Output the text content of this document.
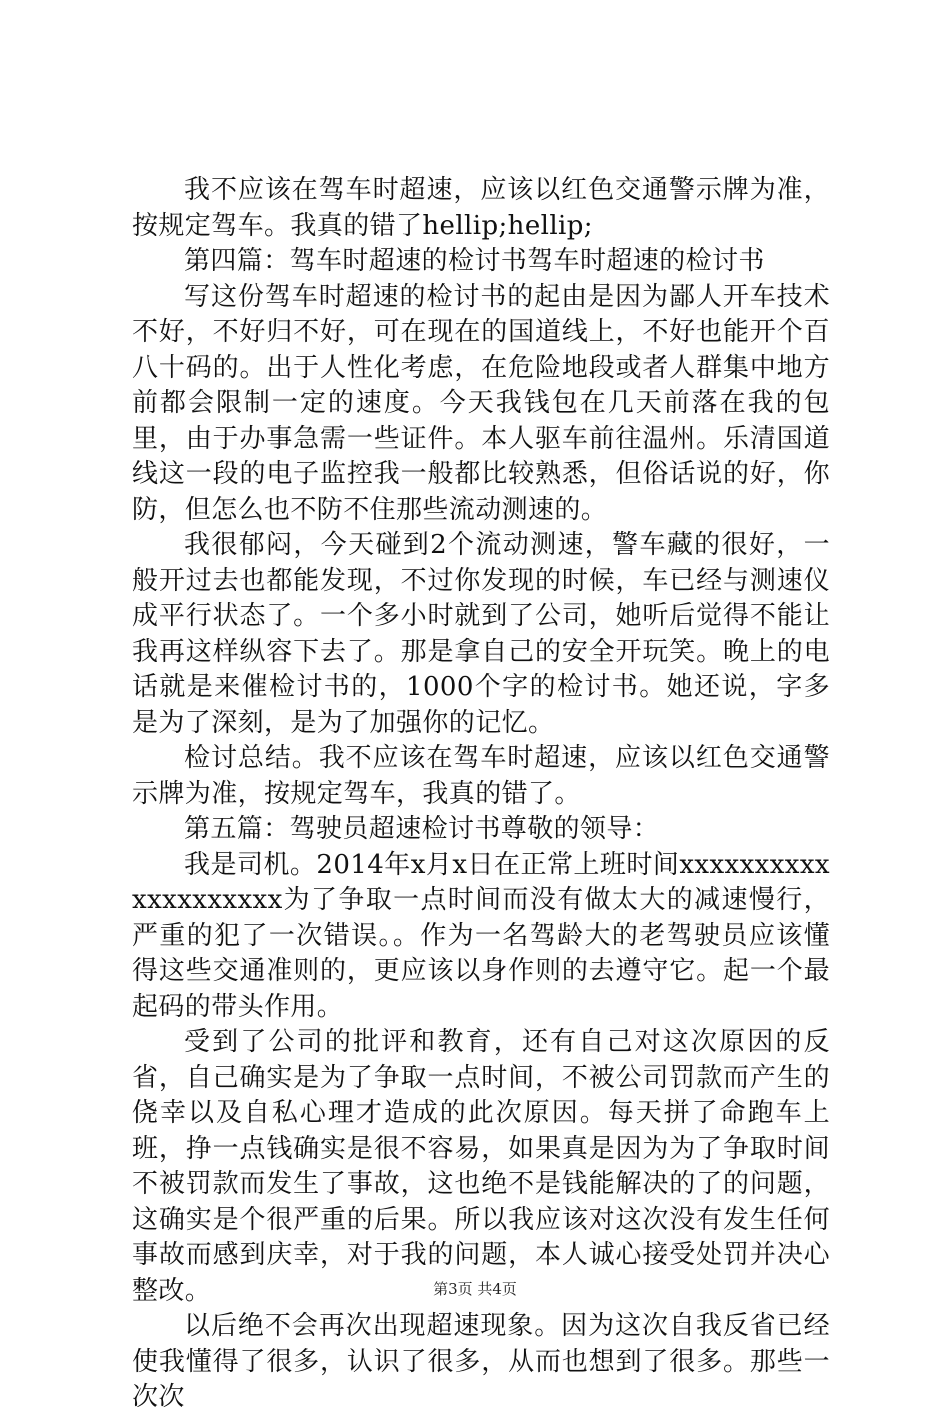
我不应该在驾车时超速，应该以红色交通警示牌为准，按规定驾车。我真的错了hellip;hellip;

第四篇：驾车时超速的检讨书驾车时超速的检讨书

写这份驾车时超速的检讨书的起由是因为鄙人开车技术不好，不好归不好，可在现在的国道线上，不好也能开个百八十码的。出于人性化考虑，在危险地段或者人群集中地方前都会限制一定的速度。今天我钱包在几天前落在我的包里，由于办事急需一些证件。本人驱车前往温州。乐清国道线这一段的电子监控我一般都比较熟悉，但俗话说的好，你防，但怎么也不防不住那些流动测速的。

我很郁闷，今天碰到2个流动测速，警车藏的很好，一般开过去也都能发现，不过你发现的时候，车已经与测速仪成平行状态了。一个多小时就到了公司，她听后觉得不能让我再这样纵容下去了。那是拿自己的安全开玩笑。晚上的电话就是来催检讨书的，1000个字的检讨书。她还说，字多是为了深刻，是为了加强你的记忆。

检讨总结。我不应该在驾车时超速，应该以红色交通警示牌为准，按规定驾车，我真的错了。

第五篇：驾驶员超速检讨书尊敬的领导：

我是司机。2014年x月x日在正常上班时间xxxxxxxxxxxxxxxxxxxx为了争取一点时间而没有做太大的减速慢行，严重的犯了一次错误。。作为一名驾龄大的老驾驶员应该懂得这些交通准则的，更应该以身作则的去遵守它。起一个最起码的带头作用。

受到了公司的批评和教育，还有自己对这次原因的反省，自己确实是为了争取一点时间，不被公司罚款而产生的侥幸以及自私心理才造成的此次原因。每天拼了命跑车上班，挣一点钱确实是很不容易，如果真是因为为了争取时间不被罚款而发生了事故，这也绝不是钱能解决的了的问题，这确实是个很严重的后果。所以我应该对这次没有发生任何事故而感到庆幸，对于我的问题，本人诚心接受处罚并决心整改。

以后绝不会再次出现超速现象。因为这次自我反省已经使我懂得了很多，认识了很多，从而也想到了很多。那些一次次

第3页 共4页
